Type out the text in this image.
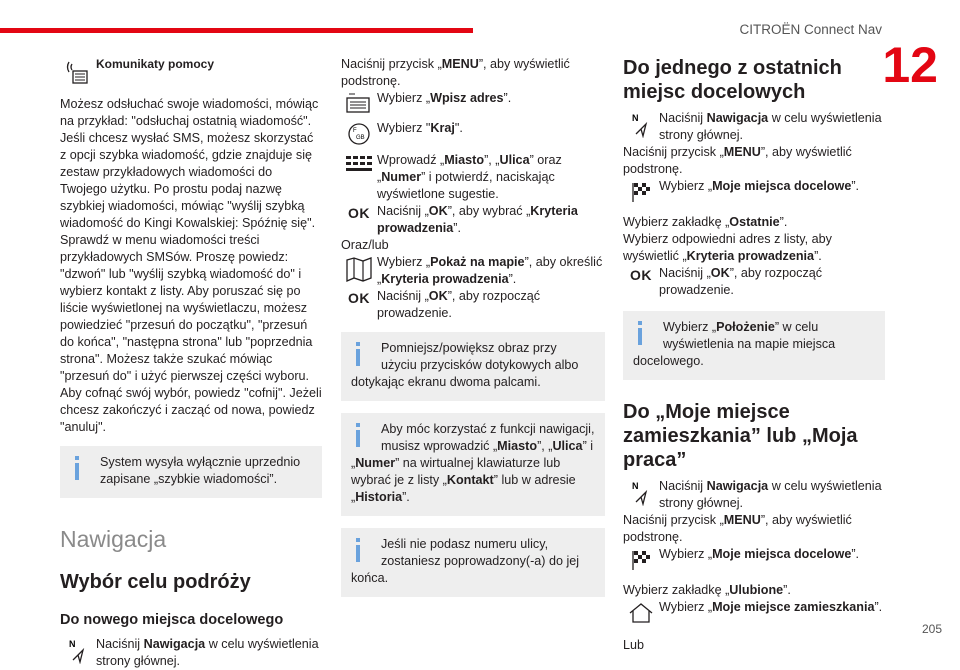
CITROËN Connect Nav
12
205

Komunikaty pomocy

Możesz odsłuchać swoje wiadomości, mówiąc na przykład: "odsłuchaj ostatnią wiadomość". Jeśli chcesz wysłać SMS, możesz skorzystać z opcji szybka wiadomość, gdzie znajduje się zestaw przykładowych wiadomości do Twojego użytku. Po prostu podaj nazwę szybkiej wiadomości, mówiąc "wyślij szybką wiadomość do Kingi Kowalskiej: Spóźnię się". Sprawdź w menu wiadomości treści przykładowych SMSów. Proszę powiedz: "dzwoń" lub "wyślij szybką wiadomość do" i wybierz kontakt z listy. Aby poruszać się po liście wyświetlonej na wyświetlaczu, możesz powiedzieć "przesuń do początku", "przesuń do końca", "następna strona" lub "poprzednia strona". Możesz także szukać mówiąc "przesuń do" i użyć pierwszej części wyboru. Aby cofnąć swój wybór, powiedz "cofnij". Jeżeli chcesz zakończyć i zacząć od nowa, powiedz "anuluj".

System wysyła wyłącznie uprzednio zapisane „szybkie wiadomości”.
Nawigacja
Wybór celu podróży
Do nowego miejsca docelowego
N Naciśnij Nawigacja w celu wyświetlenia strony głównej.

Naciśnij przycisk „MENU”, aby wyświetlić podstronę.

Wybierz „Wpisz adres”.

F
GB

Wybierz "Kraj".

Wprowadź „Miasto”, „Ulica” oraz „Numer” i potwierdź, naciskając wyświetlone sugestie.

OK Naciśnij „OK”, aby wybrać „Kryteria prowadzenia”.

Oraz/lub

Wybierz „Pokaż na mapie”, aby określić „Kryteria prowadzenia”.

OK Naciśnij „OK”, aby rozpocząć prowadzenie.

Pomniejsz/powiększ obraz przy użyciu przycisków dotykowych albo dotykając ekranu dwoma palcami.
Aby móc korzystać z funkcji nawigacji, musisz wprowadzić „Miasto”, „Ulica” i „Numer” na wirtualnej klawiaturze lub wybrać je z listy „Kontakt” lub w adresie „Historia”.
Jeśli nie podasz numeru ulicy, zostaniesz poprowadzony(-a) do jej końca.
Do jednego z ostatnich miejsc docelowych
N Naciśnij Nawigacja w celu wyświetlenia strony głównej.

Naciśnij przycisk „MENU”, aby wyświetlić podstronę.

Wybierz „Moje miejsca docelowe”.

Wybierz zakładkę „Ostatnie”.

Wybierz odpowiedni adres z listy, aby wyświetlić „Kryteria prowadzenia”.

OK Naciśnij „OK”, aby rozpocząć prowadzenie.

Wybierz „Położenie” w celu wyświetlenia na mapie miejsca docelowego.
Do „Moje miejsce zamieszkania” lub „Moja praca”
N Naciśnij Nawigacja w celu wyświetlenia strony głównej.

Naciśnij przycisk „MENU”, aby wyświetlić podstronę.

Wybierz „Moje miejsca docelowe”.

Wybierz zakładkę „Ulubione”.

Wybierz „Moje miejsce zamieszkania”.

Lub
